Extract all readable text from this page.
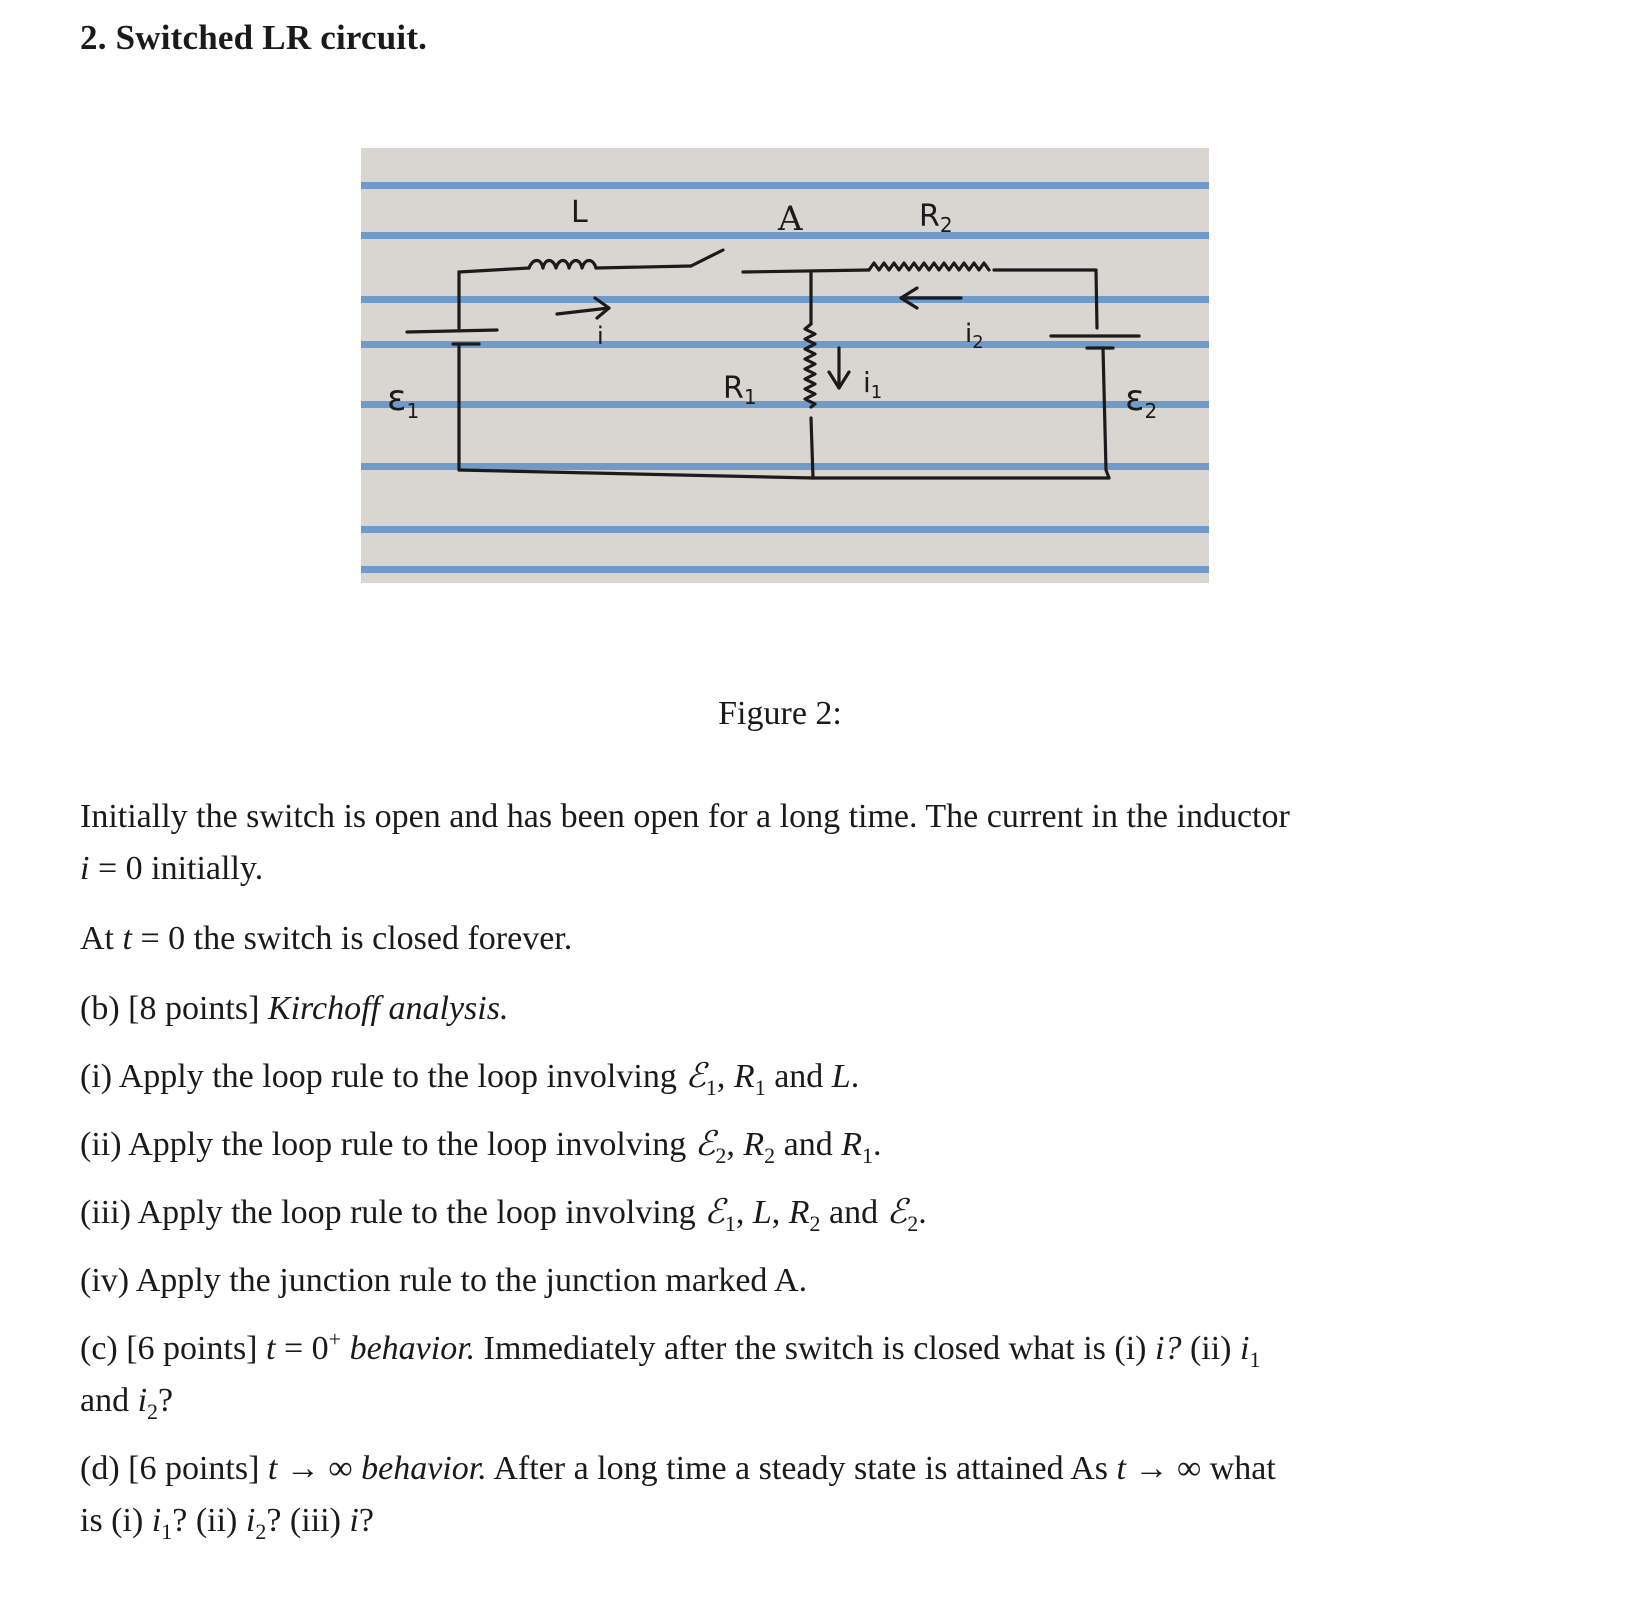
2. Switched LR circuit.
L	A	$R_2$
$R_1$
$\varepsilon_1$	$\varepsilon_2$
i
$i_1$
$i_2$
Figure 2:

Initially the switch is open and has been open for a long time. The current in the inductor
i = 0 initially.

At t = 0 the switch is closed forever.

(b) [8 points] Kirchoff analysis.

(i) Apply the loop rule to the loop involving ℰ$_1$, $R_1$ and L.

(ii) Apply the loop rule to the loop involving ℰ$_2$, $R_2$ and $R_1$.

(iii) Apply the loop rule to the loop involving ℰ$_1$, L, $R_2$ and ℰ$_2$.

(iv) Apply the junction rule to the junction marked A.

(c) [6 points] t = 0+ behavior. Immediately after the switch is closed what is (i) i? (ii) $i_1$
and $i_2$?

(d) [6 points] t → ∞ behavior. After a long time a steady state is attained As t → ∞ what
is (i) $i_1$? (ii) $i_2$? (iii) i?
